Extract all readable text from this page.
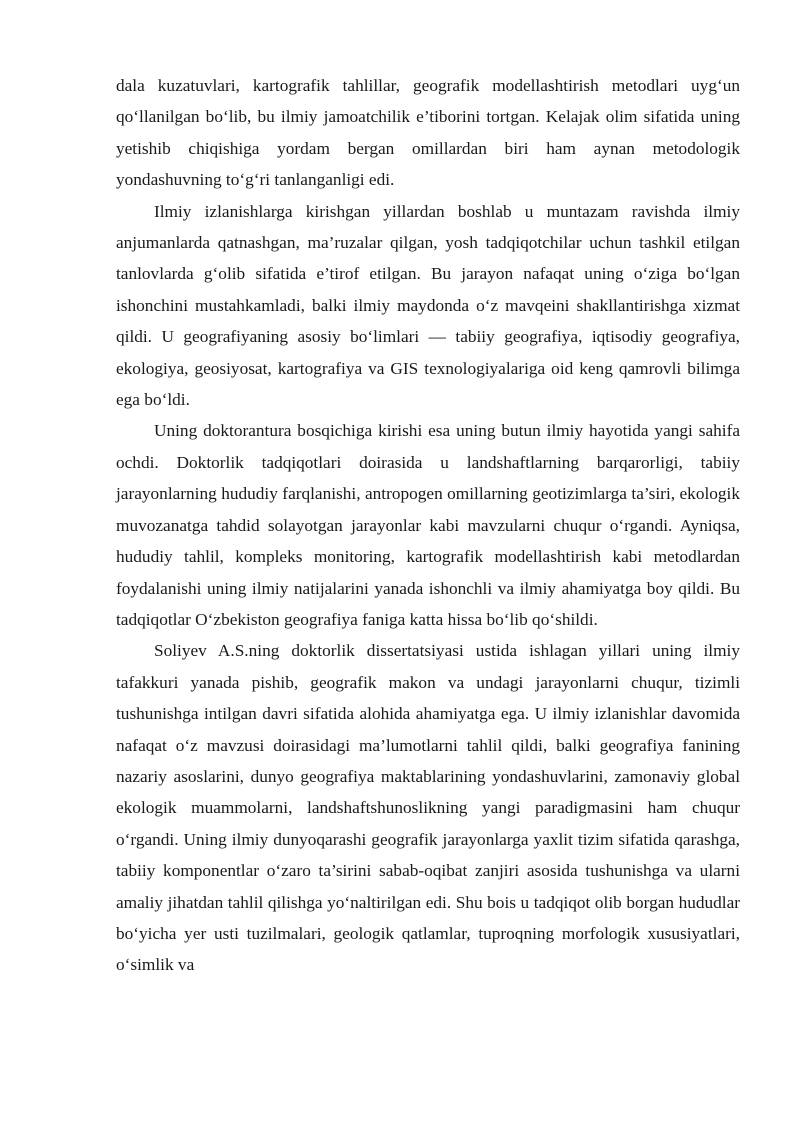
dala kuzatuvlari, kartografik tahlillar, geografik modellashtirish metodlari uyg‘un qo‘llanilgan bo‘lib, bu ilmiy jamoatchilik e’tiborini tortgan. Kelajak olim sifatida uning yetishib chiqishiga yordam bergan omillardan biri ham aynan metodologik yondashuvning to‘g‘ri tanlanganligi edi.

Ilmiy izlanishlarga kirishgan yillardan boshlab u muntazam ravishda ilmiy anjumanlarda qatnashgan, ma’ruzalar qilgan, yosh tadqiqotchilar uchun tashkil etilgan tanlovlarda g‘olib sifatida e’tirof etilgan. Bu jarayon nafaqat uning o‘ziga bo‘lgan ishonchini mustahkamladi, balki ilmiy maydonda o‘z mavqeini shakllantirishga xizmat qildi. U geografiyaning asosiy bo‘limlari — tabiiy geografiya, iqtisodiy geografiya, ekologiya, geosiyosat, kartografiya va GIS texnologiyalariga oid keng qamrovli bilimga ega bo‘ldi.

Uning doktorantura bosqichiga kirishi esa uning butun ilmiy hayotida yangi sahifa ochdi. Doktorlik tadqiqotlari doirasida u landshaftlarning barqarorligi, tabiiy jarayonlarning hududiy farqlanishi, antropogen omillarning geotizimlarga ta’siri, ekologik muvozanatga tahdid solayotgan jarayonlar kabi mavzularni chuqur o‘rgandi. Ayniqsa, hududiy tahlil, kompleks monitoring, kartografik modellashtirish kabi metodlardan foydalanishi uning ilmiy natijalarini yanada ishonchli va ilmiy ahamiyatga boy qildi. Bu tadqiqotlar O‘zbekiston geografiya faniga katta hissa bo‘lib qo‘shildi.

Soliyev A.S.ning doktorlik dissertatsiyasi ustida ishlagan yillari uning ilmiy tafakkuri yanada pishib, geografik makon va undagi jarayonlarni chuqur, tizimli tushunishga intilgan davri sifatida alohida ahamiyatga ega. U ilmiy izlanishlar davomida nafaqat o‘z mavzusi doirasidagi ma’lumotlarni tahlil qildi, balki geografiya fanining nazariy asoslarini, dunyo geografiya maktablarining yondashuvlarini, zamonaviy global ekologik muammolarni, landshaftshunoslikning yangi paradigmasini ham chuqur o‘rgandi. Uning ilmiy dunyoqarashi geografik jarayonlarga yaxlit tizim sifatida qarashga, tabiiy komponentlar o‘zaro ta’sirini sabab-oqibat zanjiri asosida tushunishga va ularni amaliy jihatdan tahlil qilishga yo‘naltirilgan edi. Shu bois u tadqiqot olib borgan hududlar bo‘yicha yer usti tuzilmalari, geologik qatlamlar, tuproqning morfologik xususiyatlari, o‘simlik va
